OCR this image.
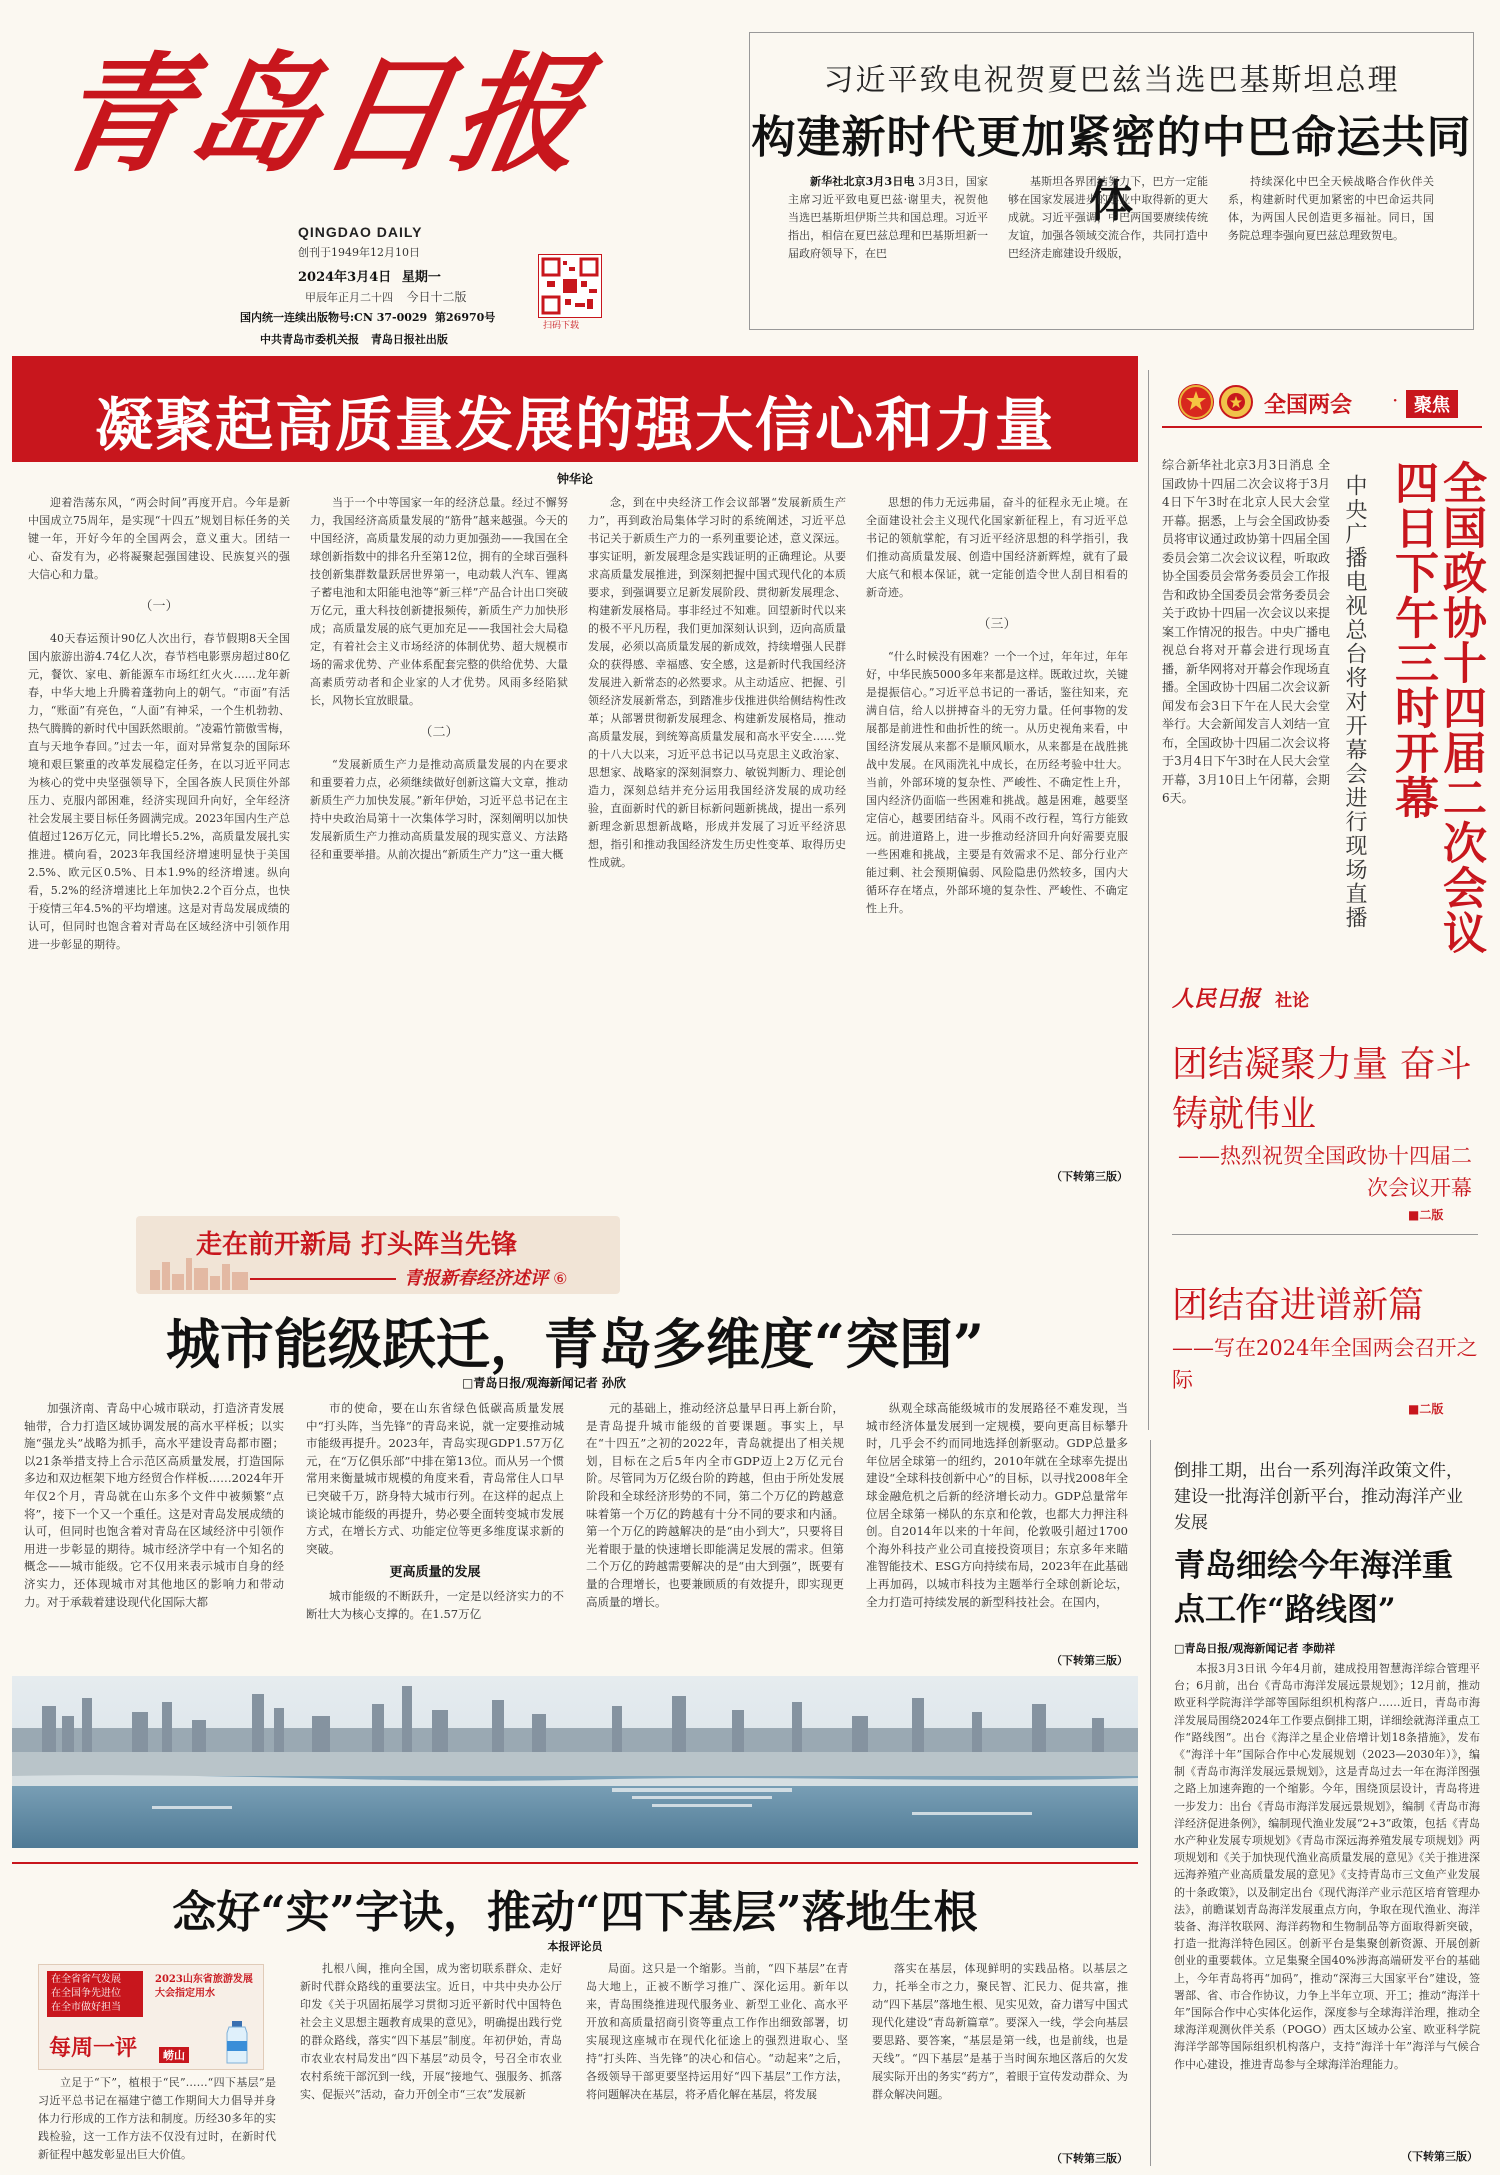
青岛日报
QINGDAO DAILY
创刊于1949年12月10日
2024年3月4日 星期一
甲辰年正月二十四 今日十二版
国内统一连续出版物号:CN 37-0029 第26970号
中共青岛市委机关报 青岛日报社出版
扫码下载
习近平致电祝贺夏巴兹当选巴基斯坦总理
构建新时代更加紧密的中巴命运共同体

新华社北京3月3日电 3月3日，国家主席习近平致电夏巴兹·谢里夫，祝贺他当选巴基斯坦伊斯兰共和国总理。习近平指出，相信在夏巴兹总理和巴基斯坦新一届政府领导下，在巴

基斯坦各界团结努力下，巴方一定能够在国家发展进步的事业中取得新的更大成就。习近平强调，中巴两国要赓续传统友谊，加强各领域交流合作，共同打造中巴经济走廊建设升级版，

持续深化中巴全天候战略合作伙伴关系，构建新时代更加紧密的中巴命运共同体，为两国人民创造更多福祉。同日，国务院总理李强向夏巴兹总理致贺电。

凝聚起高质量发展的强大信心和力量
钟华论

迎着浩荡东风，“两会时间”再度开启。今年是新中国成立75周年，是实现“十四五”规划目标任务的关键一年，开好今年的全国两会，意义重大。团结一心、奋发有为，必将凝聚起强国建设、民族复兴的强大信心和力量。

（一）

40天春运预计90亿人次出行，春节假期8天全国国内旅游出游4.74亿人次，春节档电影票房超过80亿元，餐饮、家电、新能源车市场红红火火……龙年新春，中华大地上升腾着蓬勃向上的朝气。“市面”有活力，“账面”有亮色，“人面”有神采，一个生机勃勃、热气腾腾的新时代中国跃然眼前。“凌霜竹箭傲雪梅，直与天地争春回。”过去一年，面对异常复杂的国际环境和艰巨繁重的改革发展稳定任务，在以习近平同志为核心的党中央坚强领导下，全国各族人民顶住外部压力、克服内部困难，经济实现回升向好，全年经济社会发展主要目标任务圆满完成。2023年国内生产总值超过126万亿元，同比增长5.2%，高质量发展扎实推进。横向看，2023年我国经济增速明显快于美国2.5%、欧元区0.5%、日本1.9%的经济增速。纵向看，5.2%的经济增速比上年加快2.2个百分点，也快于疫情三年4.5%的平均增速。这是对青岛发展成绩的认可，但同时也饱含着对青岛在区域经济中引领作用进一步彰显的期待。

当于一个中等国家一年的经济总量。经过不懈努力，我国经济高质量发展的“筋骨”越来越强。今天的中国经济，高质量发展的动力更加强劲——我国在全球创新指数中的排名升至第12位，拥有的全球百强科技创新集群数量跃居世界第一，电动载人汽车、锂离子蓄电池和太阳能电池等“新三样”产品合计出口突破万亿元，重大科技创新捷报频传，新质生产力加快形成；高质量发展的底气更加充足——我国社会大局稳定，有着社会主义市场经济的体制优势、超大规模市场的需求优势、产业体系配套完整的供给优势、大量高素质劳动者和企业家的人才优势。风雨多经陷狱长，风物长宜放眼量。

（二）

“发展新质生产力是推动高质量发展的内在要求和重要着力点，必须继续做好创新这篇大文章，推动新质生产力加快发展。”新年伊始，习近平总书记在主持中央政治局第十一次集体学习时，深刻阐明以加快发展新质生产力推动高质量发展的现实意义、方法路径和重要举措。从前次提出“新质生产力”这一重大概

念，到在中央经济工作会议部署“发展新质生产力”，再到政治局集体学习时的系统阐述，习近平总书记关于新质生产力的一系列重要论述，意义深远。事实证明，新发展理念是实践证明的正确理论。从要求高质量发展推进，到深刻把握中国式现代化的本质要求，到强调要立足新发展阶段、贯彻新发展理念、构建新发展格局。事非经过不知难。回望新时代以来的极不平凡历程，我们更加深刻认识到，迈向高质量发展，必须以高质量发展的新成效，持续增强人民群众的获得感、幸福感、安全感，这是新时代我国经济发展进入新常态的必然要求。从主动适应、把握、引领经济发展新常态，到踏准步伐推进供给侧结构性改革；从部署贯彻新发展理念、构建新发展格局，推动高质量发展，到统筹高质量发展和高水平安全……党的十八大以来，习近平总书记以马克思主义政治家、思想家、战略家的深刻洞察力、敏锐判断力、理论创造力，深刻总结并充分运用我国经济发展的成功经验，直面新时代的新目标新问题新挑战，提出一系列新理念新思想新战略，形成并发展了习近平经济思想，指引和推动我国经济发生历史性变革、取得历史性成就。

思想的伟力无远弗届，奋斗的征程永无止境。在全面建设社会主义现代化国家新征程上，有习近平总书记的领航掌舵，有习近平经济思想的科学指引，我们推动高质量发展、创造中国经济新辉煌，就有了最大底气和根本保证，就一定能创造令世人刮目相看的新奇迹。

（三）

“什么时候没有困难？一个一个过，年年过，年年好，中华民族5000多年来都是这样。既敢过坎，关键是提振信心。”习近平总书记的一番话，鉴往知来，充满自信，给人以拼搏奋斗的无穷力量。任何事物的发展都是前进性和曲折性的统一。从历史视角来看，中国经济发展从来都不是顺风顺水，从来都是在战胜挑战中发展。在风雨洗礼中成长，在历经考验中壮大。当前，外部环境的复杂性、严峻性、不确定性上升，国内经济仍面临一些困难和挑战。越是困难，越要坚定信心，越要团结奋斗。风雨不改行程，笃行方能致远。前进道路上，进一步推动经济回升向好需要克服一些困难和挑战，主要是有效需求不足、部分行业产能过剩、社会预期偏弱、风险隐患仍然较多，国内大循环存在堵点，外部环境的复杂性、严峻性、不确定性上升。

（下转第三版）
全国两会 · 聚焦

综合新华社北京3月3日消息 全国政协十四届二次会议将于3月4日下午3时在北京人民大会堂开幕。据悉，上与会全国政协委员将审议通过政协第十四届全国委员会第二次会议议程，听取政协全国委员会常务委员会工作报告和政协全国委员会常务委员会关于政协十四届一次会议以来提案工作情况的报告。中央广播电视总台将对开幕会进行现场直播，新华网将对开幕会作现场直播。全国政协十四届二次会议新闻发布会3日下午在人民大会堂举行。大会新闻发言人刘结一宣布，全国政协十四届二次会议将于3月4日下午3时在人民大会堂开幕，3月10日上午闭幕，会期6天。	中央广播电视总台将对开幕会进行现场直播	全国政协十四届二次会议四日下午三时开幕
人民日报 社论
团结凝聚力量 奋斗铸就伟业
——热烈祝贺全国政协十四届二次会议开幕
■二版
团结奋进谱新篇
——写在2024年全国两会召开之际
■二版
走在前开新局 打头阵当先锋
青报新春经济述评 ⑥
城市能级跃迁，青岛多维度“突围”
□青岛日报/观海新闻记者 孙欣

加强济南、青岛中心城市联动，打造济青发展轴带，合力打造区域协调发展的高水平样板；以实施“强龙头”战略为抓手，高水平建设青岛都市圈；以21条举措支持上合示范区高质量发展，打造国际多边和双边框架下地方经贸合作样板……2024年开年仅2个月，青岛就在山东多个文件中被频繁“点将”，接下一个又一个重任。这是对青岛发展成绩的认可，但同时也饱含着对青岛在区域经济中引领作用进一步彰显的期待。城市经济学中有一个知名的概念——城市能级。它不仅用来表示城市自身的经济实力，还体现城市对其他地区的影响力和带动力。对于承载着建设现代化国际大都

市的使命，要在山东省绿色低碳高质量发展中“打头阵，当先锋”的青岛来说，就一定要推动城市能级再提升。2023年，青岛实现GDP1.57万亿元，在“万亿俱乐部”中排在第13位。而从另一个惯常用来衡量城市规模的角度来看，青岛常住人口早已突破千万，跻身特大城市行列。在这样的起点上谈论城市能级的再提升，势必要全面转变城市发展方式，在增长方式、功能定位等更多维度谋求新的突破。

更高质量的发展

城市能级的不断跃升，一定是以经济实力的不断壮大为核心支撑的。在1.57万亿

元的基础上，推动经济总量早日再上新台阶，是青岛提升城市能级的首要课题。事实上，早在“十四五”之初的2022年，青岛就提出了相关规划，目标在之后5年内全市GDP迈上2万亿元台阶。尽管同为万亿级台阶的跨越，但由于所处发展阶段和全球经济形势的不同，第二个万亿的跨越意味着第一个万亿的跨越有十分不同的要求和内涵。第一个万亿的跨越解决的是“由小到大”，只要将目光着眼于量的快速增长即能满足发展的需求。但第二个万亿的跨越需要解决的是“由大到强”，既要有量的合理增长，也要兼顾质的有效提升，即实现更高质量的增长。

纵观全球高能级城市的发展路径不难发现，当城市经济体量发展到一定规模，要向更高目标攀升时，几乎会不约而同地选择创新驱动。GDP总量多年位居全球第一的纽约，2010年就在全球率先提出建设“全球科技创新中心”的目标，以寻找2008年全球金融危机之后新的经济增长动力。GDP总量常年位居全球第一梯队的东京和伦敦，也都大力押注科创。自2014年以来的十年间，伦敦吸引超过1700个海外科技产业公司直接投资项目；东京多年来瞄准智能技术、ESG方向持续布局，2023年在此基础上再加码，以城市科技为主题举行全球创新论坛，全力打造可持续发展的新型科技社会。在国内，

（下转第三版）
倒排工期，出台一系列海洋政策文件，建设一批海洋创新平台，推动海洋产业发展
青岛细绘今年海洋重点工作“路线图”
□青岛日报/观海新闻记者 李勋祥

本报3月3日讯 今年4月前，建成投用智慧海洋综合管理平台；6月前，出台《青岛市海洋发展远景规划》；12月前，推动欧亚科学院海洋学部等国际组织机构落户……近日，青岛市海洋发展局围绕2024年工作要点倒排工期，详细绘就海洋重点工作“路线图”。出台《海洋之星企业倍增计划18条措施》，发布《“海洋十年”国际合作中心发展规划（2023—2030年）》，编制《青岛市海洋发展远景规划》，这是青岛过去一年在海洋图强之路上加速奔跑的一个缩影。今年，围绕顶层设计，青岛将进一步发力：出台《青岛市海洋发展远景规划》，编制《青岛市海洋经济促进条例》，编制现代渔业发展“2+3”政策，包括《青岛水产种业发展专项规划》《青岛市深远海养殖发展专项规划》两项规划和《关于加快现代渔业高质量发展的意见》《关于推进深远海养殖产业高质量发展的意见》《支持青岛市三文鱼产业发展的十条政策》，以及制定出台《现代海洋产业示范区培育管理办法》，前瞻谋划青岛海洋发展重点方向，争取在现代渔业、海洋装备、海洋牧联网、海洋药物和生物制品等方面取得新突破，打造一批海洋特色园区。创新平台是集聚创新资源、开展创新创业的重要载体。立足集聚全国40%涉海高端研发平台的基础上，今年青岛将再“加码”，推动“深海三大国家平台”建设，签署部、省、市合作协议，力争上半年立项、开工；推动“海洋十年”国际合作中心实体化运作，深度参与全球海洋治理，推动全球海洋观测伙伴关系（POGO）西太区域办公室、欧亚科学院海洋学部等国际组织机构落户，支持“海洋十年”海洋与气候合作中心建设，推进青岛参与全球海洋治理能力。

（下转第三版）
念好“实”字诀，推动“四下基层”落地生根
本报评论员
在全省省气发展
在全国争先进位
在全市做好担当
每周一评
2023山东省旅游发展大会指定用水
崂山

立足于“下”，植根于“民”……“四下基层”是习近平总书记在福建宁德工作期间大力倡导并身体力行形成的工作方法和制度。历经30多年的实践检验，这一工作方法不仅没有过时，在新时代新征程中越发彰显出巨大价值。

扎根八闽，推向全国，成为密切联系群众、走好新时代群众路线的重要法宝。近日，中共中央办公厅印发《关于巩固拓展学习贯彻习近平新时代中国特色社会主义思想主题教育成果的意见》，明确提出践行党的群众路线，落实“四下基层”制度。年初伊始，青岛市农业农村局发出“四下基层”动员令，号召全市农业农村系统干部沉到一线，开展“接地气、强服务、抓落实、促振兴”活动，奋力开创全市“三农”发展新

局面。这只是一个缩影。当前，“四下基层”在青岛大地上，正被不断学习推广、深化运用。新年以来，青岛围绕推进现代服务业、新型工业化、高水平开放和高质量招商引资等重点工作作出细致部署，切实展现这座城市在现代化征途上的强烈进取心、坚持“打头阵、当先锋”的决心和信心。“动起来”之后，各级领导干部更要坚持运用好“四下基层”工作方法，将问题解决在基层，将矛盾化解在基层，将发展

落实在基层，体现鲜明的实践品格。以基层之力，托举全市之力，聚民智、汇民力、促共富，推动“四下基层”落地生根、见实见效，奋力谱写中国式现代化建设“青岛新篇章”。要深入一线，学会向基层要思路、要答案，“基层是第一线，也是前线，也是天线”。“四下基层”是基于当时闽东地区落后的欠发展实际开出的务实“药方”，着眼于宣传发动群众、为群众解决问题。

（下转第三版）
